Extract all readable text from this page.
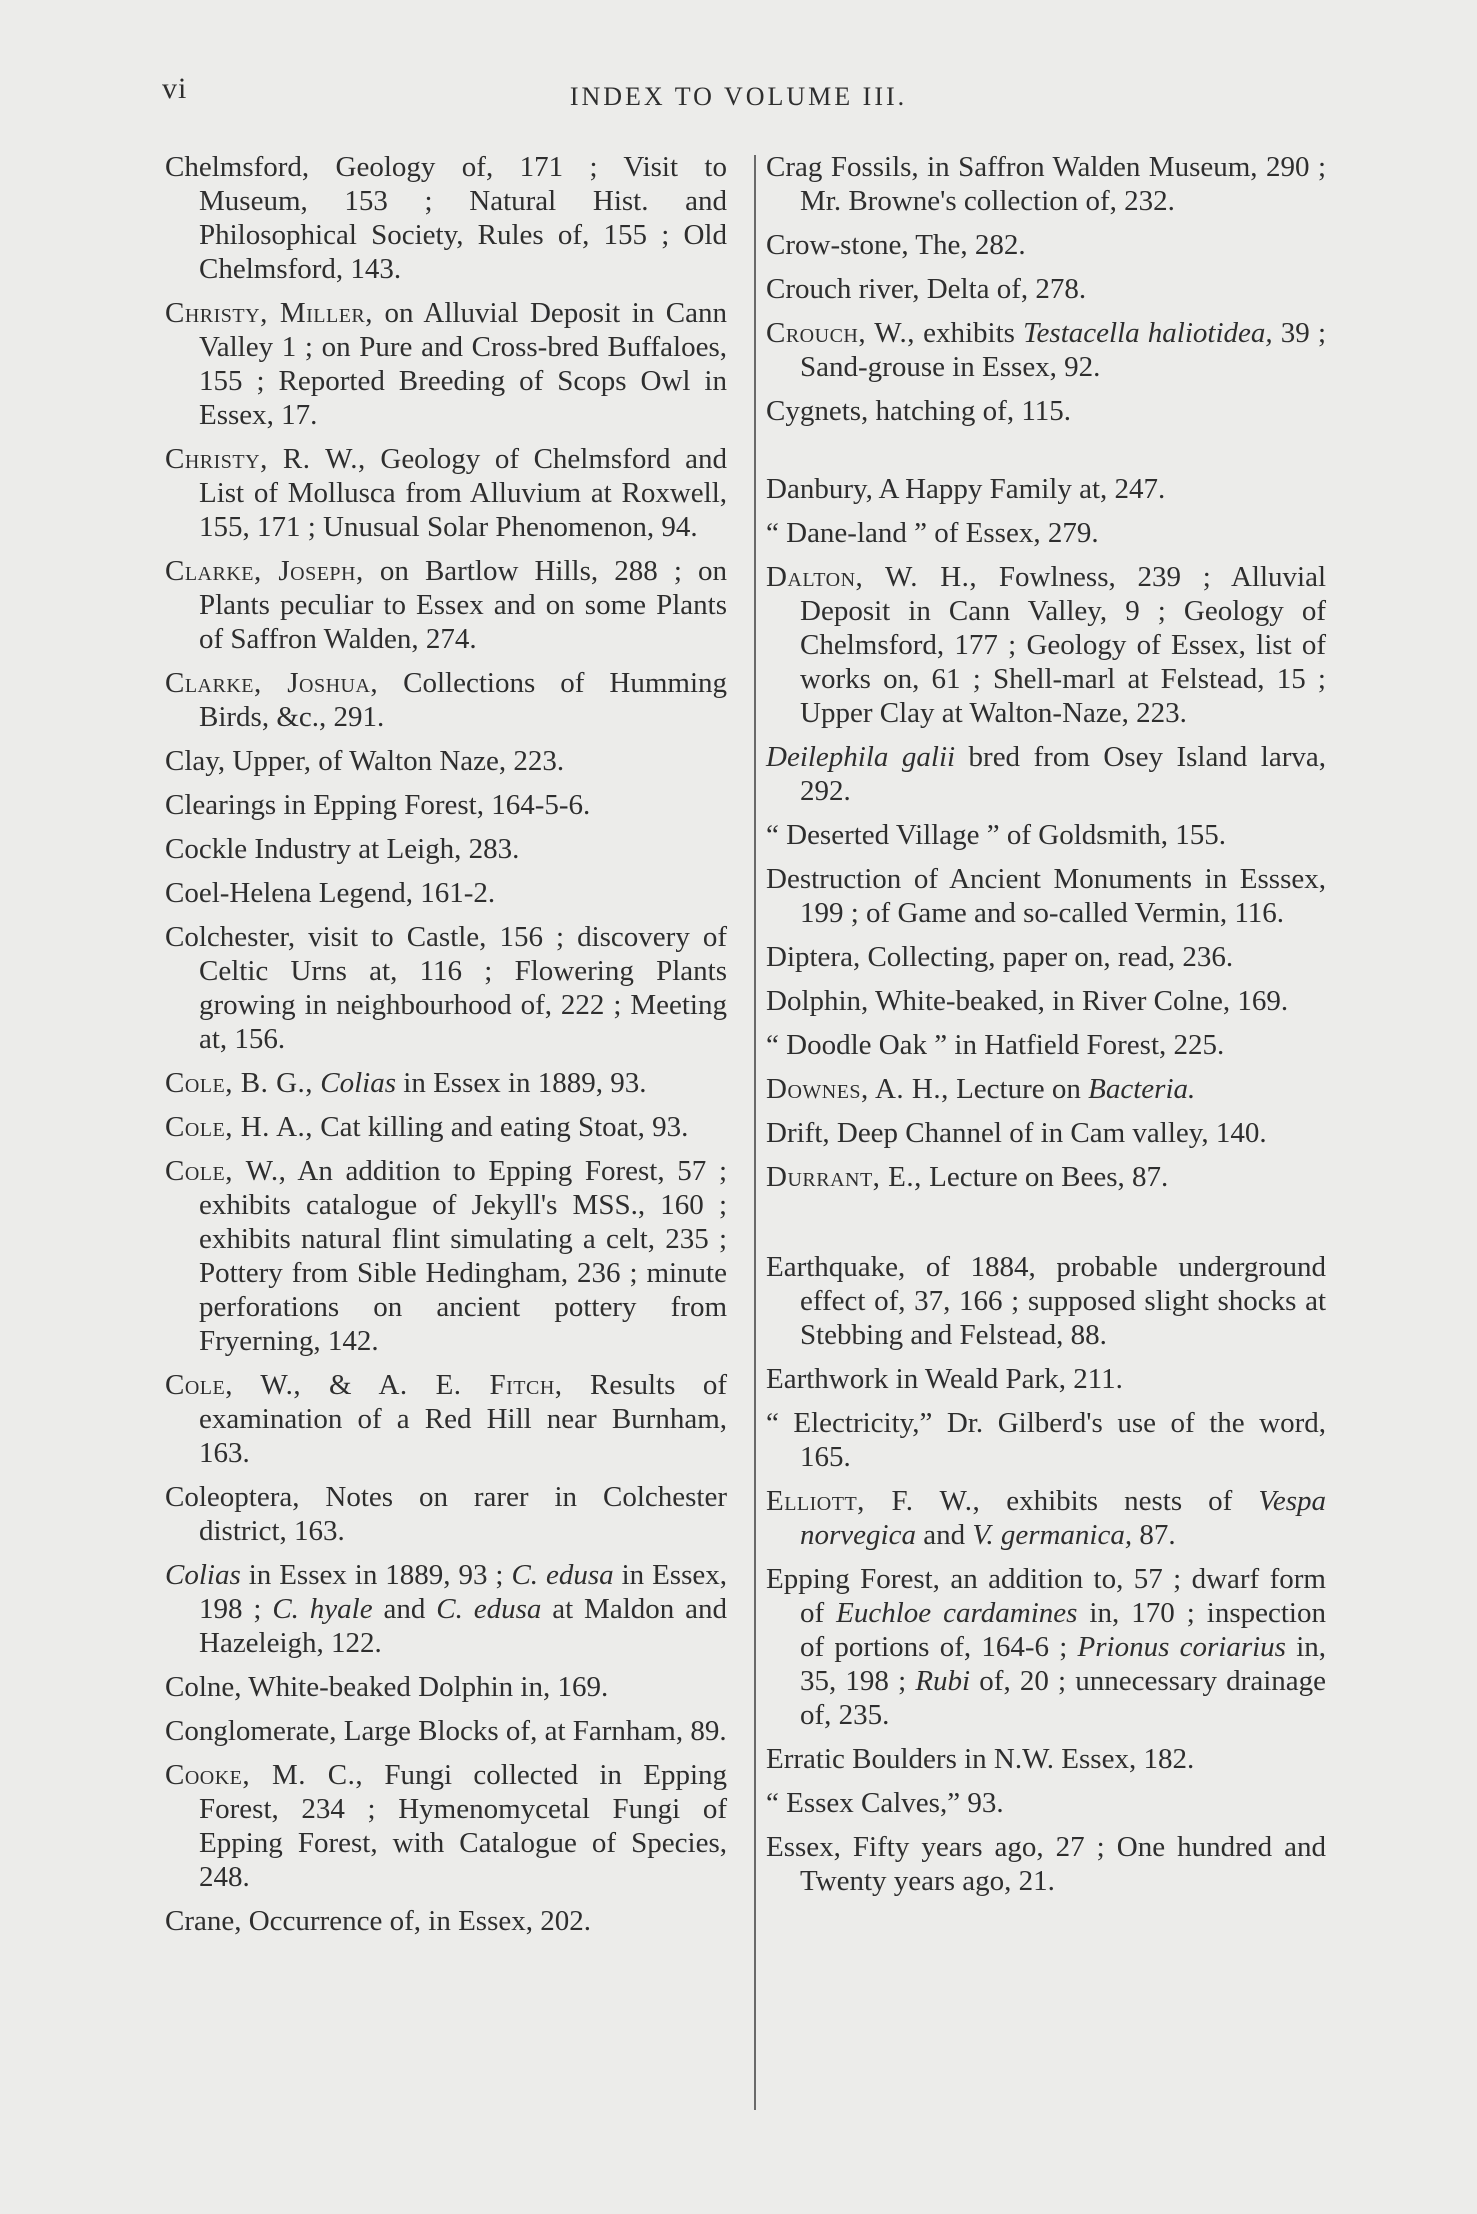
vi	INDEX TO VOLUME III.

Chelmsford, Geology of, 171 ; Visit to Museum, 153 ; Natural Hist. and Philosophical Society, Rules of, 155 ; Old Chelmsford, 143.

Christy, Miller, on Alluvial Deposit in Cann Valley 1 ; on Pure and Cross-bred Buffaloes, 155 ; Reported Breeding of Scops Owl in Essex, 17.

Christy, R. W., Geology of Chelmsford and List of Mollusca from Alluvium at Roxwell, 155, 171 ; Unusual Solar Phenomenon, 94.

Clarke, Joseph, on Bartlow Hills, 288 ; on Plants peculiar to Essex and on some Plants of Saffron Walden, 274.

Clarke, Joshua, Collections of Humming Birds, &c., 291.

Clay, Upper, of Walton Naze, 223.

Clearings in Epping Forest, 164-5-6.

Cockle Industry at Leigh, 283.

Coel-Helena Legend, 161-2.

Colchester, visit to Castle, 156 ; discovery of Celtic Urns at, 116 ; Flowering Plants growing in neighbourhood of, 222 ; Meeting at, 156.

Cole, B. G., Colias in Essex in 1889, 93.

Cole, H. A., Cat killing and eating Stoat, 93.

Cole, W., An addition to Epping Forest, 57 ; exhibits catalogue of Jekyll's MSS., 160 ; exhibits natural flint simulating a celt, 235 ; Pottery from Sible Hedingham, 236 ; minute perforations on ancient pottery from Fryerning, 142.

Cole, W., & A. E. Fitch, Results of examination of a Red Hill near Burnham, 163.

Coleoptera, Notes on rarer in Colchester district, 163.

Colias in Essex in 1889, 93 ; C. edusa in Essex, 198 ; C. hyale and C. edusa at Maldon and Hazeleigh, 122.

Colne, White-beaked Dolphin in, 169.

Conglomerate, Large Blocks of, at Farnham, 89.

Cooke, M. C., Fungi collected in Epping Forest, 234 ; Hymenomycetal Fungi of Epping Forest, with Catalogue of Species, 248.

Crane, Occurrence of, in Essex, 202.

Crag Fossils, in Saffron Walden Museum, 290 ; Mr. Browne's collection of, 232.

Crow-stone, The, 282.

Crouch river, Delta of, 278.

Crouch, W., exhibits Testacella haliotidea, 39 ; Sand-grouse in Essex, 92.

Cygnets, hatching of, 115.

Danbury, A Happy Family at, 247.

“ Dane-land ” of Essex, 279.

Dalton, W. H., Fowlness, 239 ; Alluvial Deposit in Cann Valley, 9 ; Geology of Chelmsford, 177 ; Geology of Essex, list of works on, 61 ; Shell-marl at Felstead, 15 ; Upper Clay at Walton-Naze, 223.

Deilephila galii bred from Osey Island larva, 292.

“ Deserted Village ” of Goldsmith, 155.

Destruction of Ancient Monuments in Esssex, 199 ; of Game and so-called Vermin, 116.

Diptera, Collecting, paper on, read, 236.

Dolphin, White-beaked, in River Colne, 169.

“ Doodle Oak ” in Hatfield Forest, 225.

Downes, A. H., Lecture on Bacteria.

Drift, Deep Channel of in Cam valley, 140.

Durrant, E., Lecture on Bees, 87.

Earthquake, of 1884, probable underground effect of, 37, 166 ; supposed slight shocks at Stebbing and Felstead, 88.

Earthwork in Weald Park, 211.

“ Electricity,” Dr. Gilberd's use of the word, 165.

Elliott, F. W., exhibits nests of Vespa norvegica and V. germanica, 87.

Epping Forest, an addition to, 57 ; dwarf form of Euchloe cardamines in, 170 ; inspection of portions of, 164-6 ; Prionus coriarius in, 35, 198 ; Rubi of, 20 ; unnecessary drainage of, 235.

Erratic Boulders in N.W. Essex, 182.

“ Essex Calves,” 93.

Essex, Fifty years ago, 27 ; One hundred and Twenty years ago, 21.
